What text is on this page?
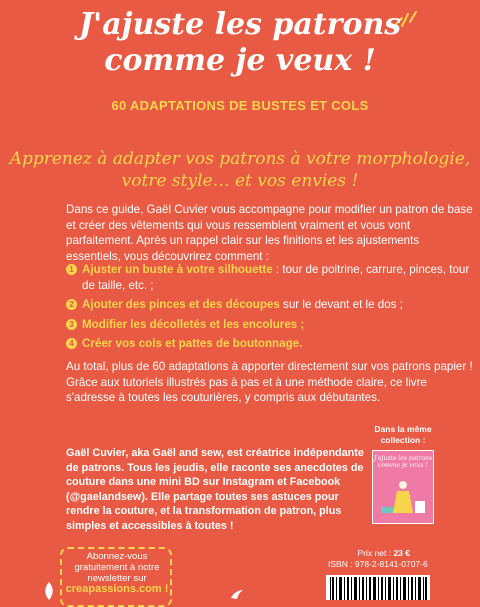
J'ajuste les patrons
comme je veux !
60 ADAPTATIONS DE BUSTES ET COLS
Apprenez à adapter vos patrons à votre morphologie,
votre style… et vos envies !
Dans ce guide, Gaël Cuvier vous accompagne pour modifier un patron de base et créer des vêtements qui vous ressemblent vraiment et vous vont parfaitement. Après un rappel clair sur les finitions et les ajustements essentiels, vous découvrirez comment :
1 Ajuster un buste à votre silhouette : tour de poitrine, carrure, pinces, tour de taille, etc. ;
2 Ajouter des pinces et des découpes sur le devant et le dos ;
3 Modifier les décolletés et les encolures ;
4 Créer vos cols et pattes de boutonnage.
Au total, plus de 60 adaptations à apporter directement sur vos patrons papier ! Grâce aux tutoriels illustrés pas à pas et à une méthode claire, ce livre s'adresse à toutes les couturières, y compris aux débutantes.
Gaël Cuvier, aka Gaël and sew, est créatrice indépendante de patrons. Tous les jeudis, elle raconte ses anecdotes de couture dans une mini BD sur Instagram et Facebook (@gaelandsew). Elle partage toutes ses astuces pour rendre la couture, et la transformation de patron, plus simples et accessibles à toutes !
Dans la même collection :
J'ajuste les patrons comme je veux !
Prix net : 23 €
ISBN : 978-2-8141-0707-6
Abonnez-vous gratuitement à notre newsletter sur
creapassions.com !
